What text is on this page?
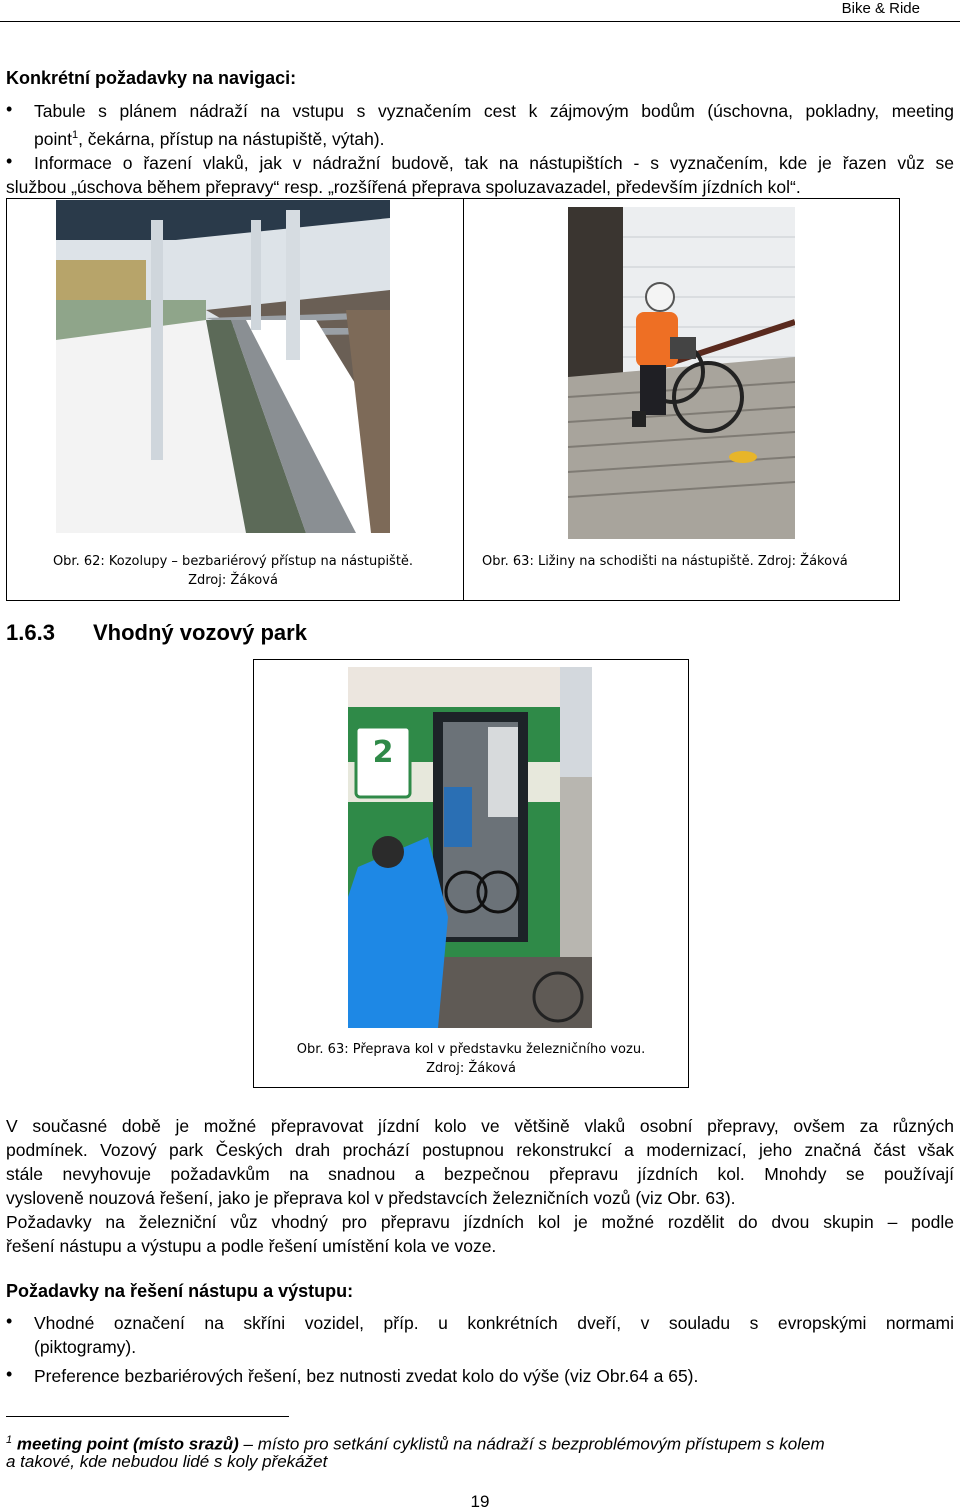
Bike & Ride
Konkrétní požadavky na navigaci:
• Tabule s plánem nádraží na vstupu s vyznačením cest k zájmovým bodům (úschovna, pokladny, meeting
point$^1$, čekárna, přístup na nástupiště, výtah).
• Informace o řazení vlaků, jak v nádražní budově, tak na nástupištích - s vyznačením, kde je řazen vůz se
službou „úschova během přepravy“ resp. „rozšířená přeprava spoluzavazadel, především jízdních kol“.
Obr. 62: Kozolupy – bezbariérový přístup na nástupiště.
Zdroj: Žáková
Obr. 63: Ližiny na schodišti na nástupiště. Zdroj: Žáková
1.6.3 Vhodný vozový park
2
Obr. 63: Přeprava kol v představku železničního vozu.
Zdroj: Žáková
V současné době je možné přepravovat jízdní kolo ve většině vlaků osobní přepravy, ovšem za různých
podmínek. Vozový park Českých drah prochází postupnou rekonstrukcí a modernizací, jeho značná část však
stále nevyhovuje požadavkům na snadnou a bezpečnou přepravu jízdních kol. Mnohdy se používají
vysloveně nouzová řešení, jako je přeprava kol v představcích železničních vozů (viz Obr. 63).
Požadavky na železniční vůz vhodný pro přepravu jízdních kol je možné rozdělit do dvou skupin – podle
řešení nástupu a výstupu a podle řešení umístění kola ve voze.
Požadavky na řešení nástupu a výstupu:
• Vhodné označení na skříni vozidel, příp. u konkrétních dveří, v souladu s evropskými normami
(piktogramy).
• Preference bezbariérových řešení, bez nutnosti zvedat kolo do výše (viz Obr.64 a 65).
$^1$ meeting point (místo srazů) – místo pro setkání cyklistů na nádraží s bezproblémovým přístupem s kolem
a takové, kde nebudou lidé s koly překážet
19
